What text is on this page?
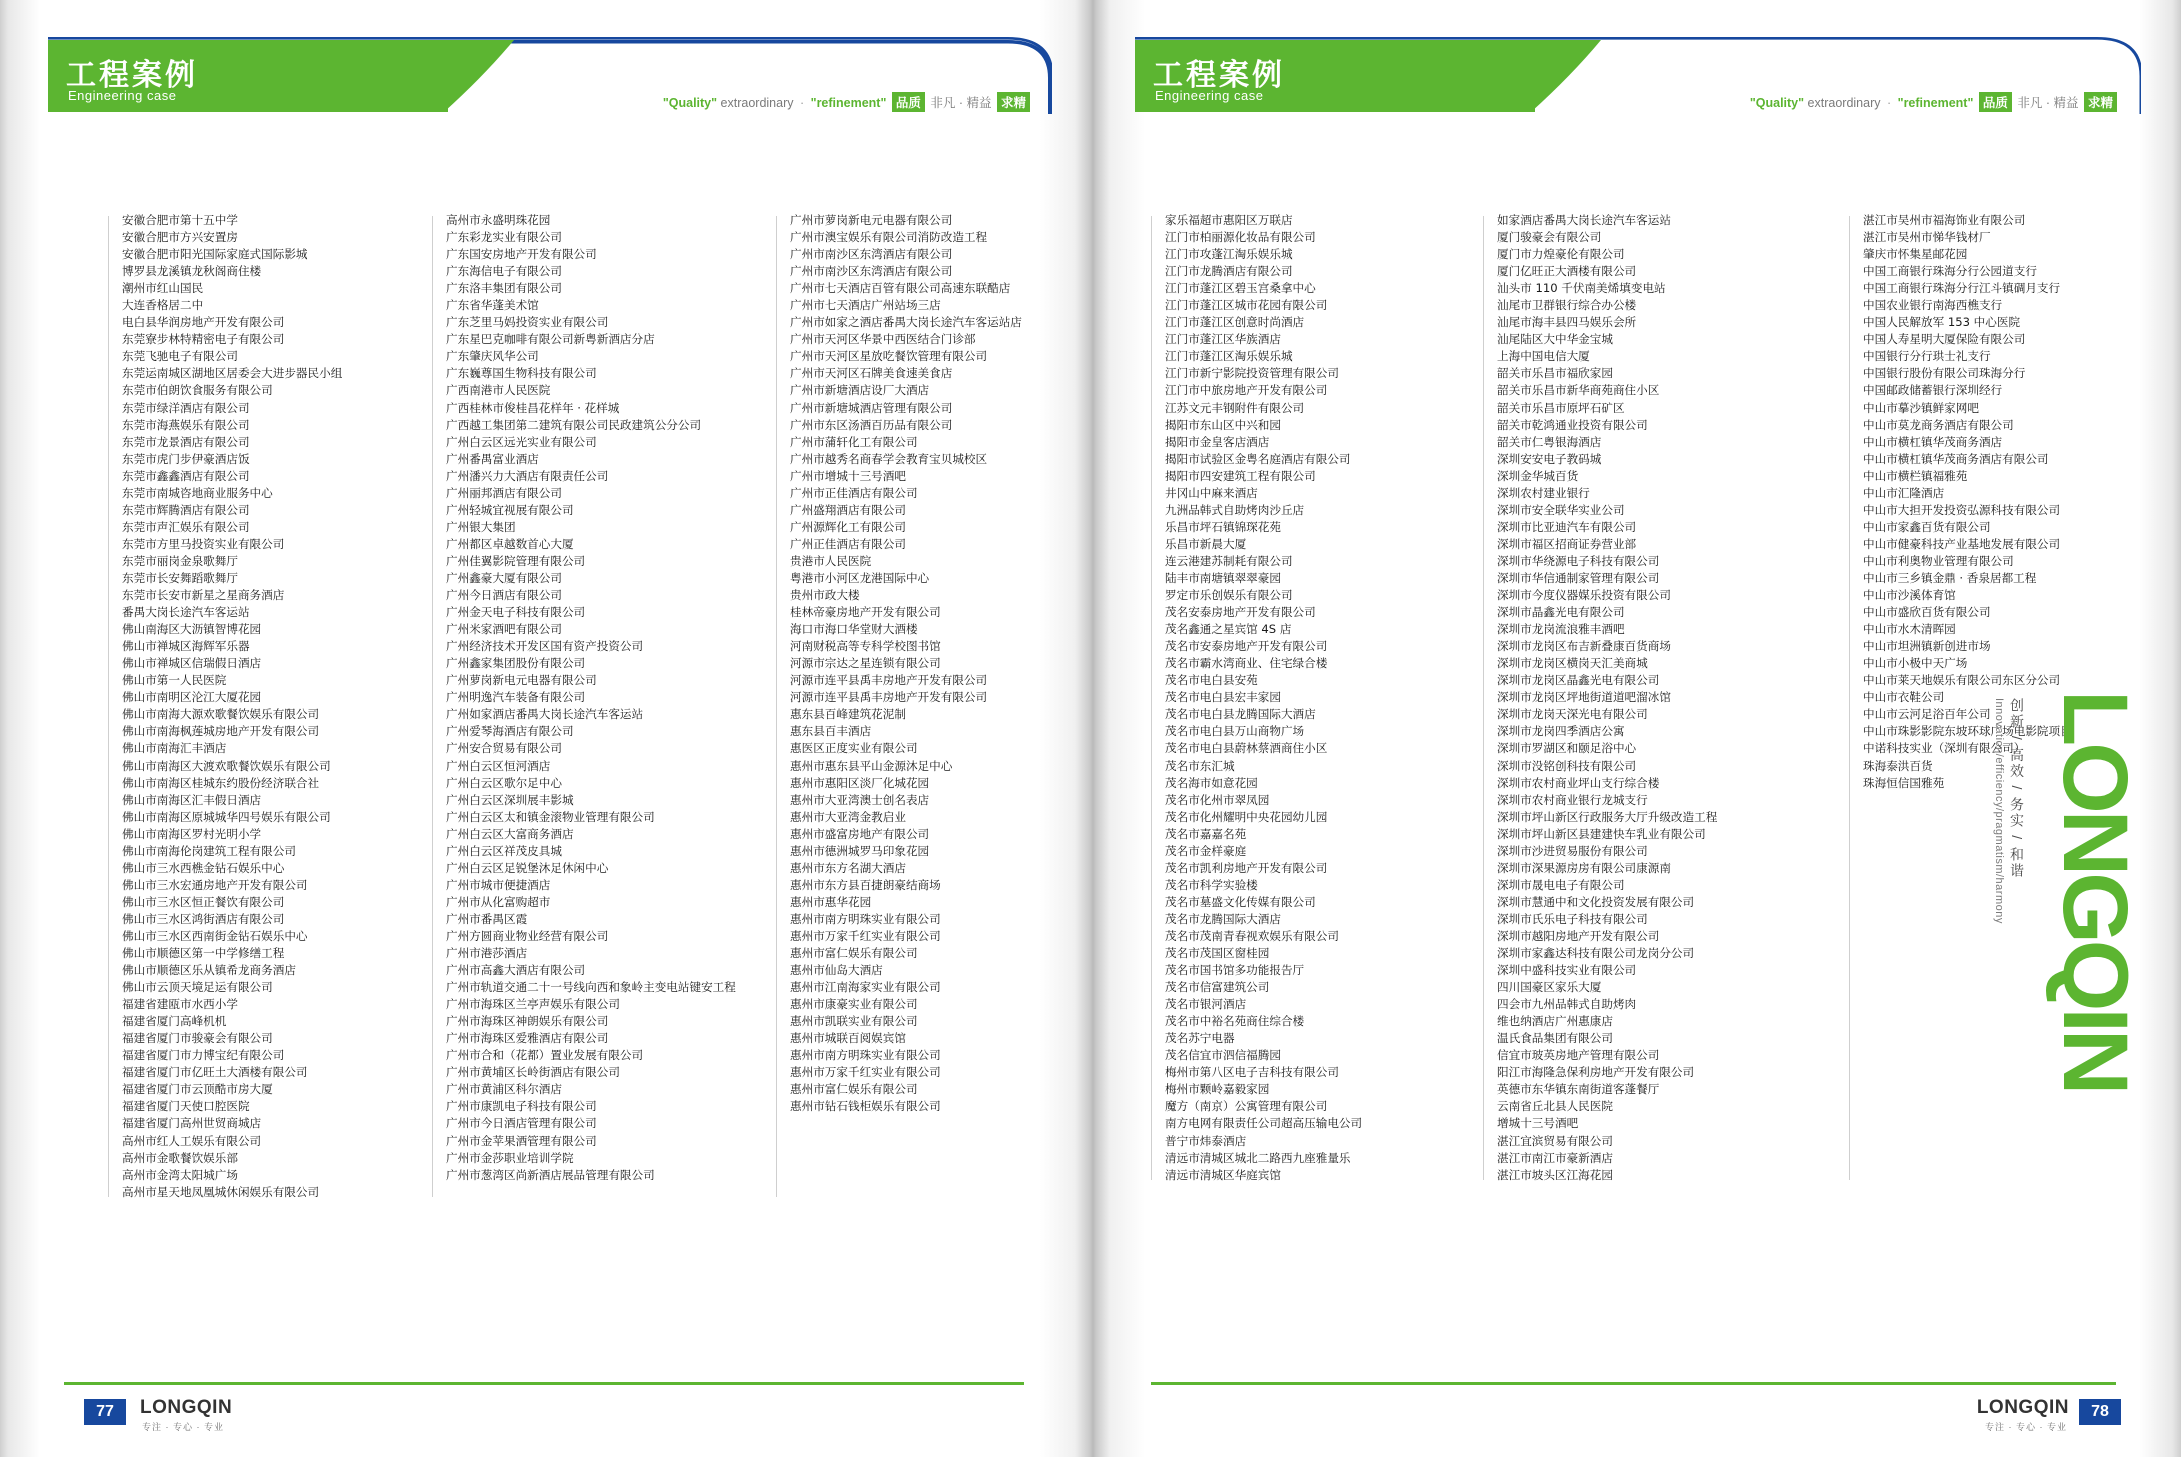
工程案例
Engineering case	"Quality" extraordinary · "refinement" 品质 非凡 · 精益 求精
安徽合肥市第十五中学
安徽合肥市方兴安置房
安徽合肥市阳光国际家庭式国际影城
博罗县龙溪镇龙秋阁商住楼
潮州市红山国民
大连香格居二中
电白县华润房地产开发有限公司
东莞寮步林特精密电子有限公司
东莞飞驰电子有限公司
东莞运南城区湖地区居委会大进步器民小组
东莞市伯朗饮食服务有限公司
东莞市绿洋酒店有限公司
东莞市海燕娱乐有限公司
东莞市龙景酒店有限公司
东莞市虎门步伊豪酒店饭
东莞市鑫鑫酒店有限公司
东莞市南城咨地商业服务中心
东莞市辉腾酒店有限公司
东莞市声汇娱乐有限公司
东莞市方里马投资实业有限公司
东莞市丽岗金泉歌舞厅
东莞市长安舞蹈歌舞厅
东莞市长安市新星之星商务酒店
番禺大岗长途汽车客运站
佛山南海区大沥镇智博花园
佛山市禅城区海辉军乐器
佛山市禅城区信瑞假日酒店
佛山市第一人民医院
佛山市南明区沦江大厦花园
佛山市南海大源欢歌餐饮娱乐有限公司
佛山市南海枫莲城房地产开发有限公司
佛山市南海汇丰酒店
佛山市南海区大渡欢歌餐饮娱乐有限公司
佛山市南海区桂城东约股份经济联合社
佛山市南海区汇丰假日酒店
佛山市南海区原城城华四号娱乐有限公司
佛山市南海区罗村光明小学
佛山市南海伦岗建筑工程有限公司
佛山市三水西樵金钻石娱乐中心
佛山市三水宏通房地产开发有限公司
佛山市三水区恒正餐饮有限公司
佛山市三水区鸿街酒店有限公司
佛山市三水区西南街金钻石娱乐中心
佛山市顺德区第一中学修缮工程
佛山市顺德区乐从镇希龙商务酒店
佛山市云顶天境足运有限公司
福建省建瓯市水西小学
福建省厦门高峰机机
福建省厦门市骏豪会有限公司
福建省厦门市力博宝纪有限公司
福建省厦门市亿旺土大酒楼有限公司
福建省厦门市云顶酷市房大厦
福建省厦门天使口腔医院
福建省厦门高州世贸商城店
高州市红人工娱乐有限公司
高州市金歌餐饮娱乐部
高州市金湾太阳城广场
高州市星天地凤凰城休闲娱乐有限公司
高州市永盛明珠花园
广东彩龙实业有限公司
广东国安房地产开发有限公司
广东海信电子有限公司
广东洛丰集团有限公司
广东省华蓬美术馆
广东芝里马妈投资实业有限公司
广东星巴克咖啡有限公司新粤新酒店分店
广东肇庆风华公司
广东巍尊国生物科技有限公司
广西南港市人民医院
广西桂林市俊桂昌花样年 · 花样城
广西越工集团第二建筑有限公司民政建筑公分公司
广州白云区远光实业有限公司
广州番禺富业酒店
广州潘兴力大酒店有限责任公司
广州丽邦酒店有限公司
广州轻城宜视展有限公司
广州银大集团
广州都区卓越数首心大厦
广州佳翼影院管理有限公司
广州鑫豪大厦有限公司
广州今日酒店有限公司
广州金天电子科技有限公司
广州米家酒吧有限公司
广州经济技术开发区国有资产投资公司
广州鑫家集团股份有限公司
广州萝岗新电元电器有限公司
广州明逸汽车装备有限公司
广州如家酒店番禺大岗长途汽车客运站
广州爱琴海酒店有限公司
广州安合贸易有限公司
广州白云区恒河酒店
广州白云区歌尔足中心
广州白云区深圳展丰影城
广州白云区太和镇金滚物业管理有限公司
广州白云区大富商务酒店
广州白云区祥茂皮具城
广州白云区足锐堡沐足休闲中心
广州市城市便捷酒店
广州市从化富购超市
广州市番禺区霞
广州方圆商业物业经营有限公司
广州市港莎酒店
广州市高鑫大酒店有限公司
广州市轨道交通二十一号线向西和象岭主变电站键安工程
广州市海珠区兰亭声娱乐有限公司
广州市海珠区神朗娱乐有限公司
广州市海珠区爱雅酒店有限公司
广州市合和（花都）置业发展有限公司
广州市黄埔区长岭街酒店有限公司
广州市黄浦区科尔酒店
广州市康凯电子科技有限公司
广州市今日酒店管理有限公司
广州市金苹果酒管理有限公司
广州市金莎职业培训学院
广州市葱湾区尚新酒店展品管理有限公司
广州市萝岗新电元电器有限公司
广州市澳宝娱乐有限公司消防改造工程
广州市南沙区东湾酒店有限公司
广州市南沙区东湾酒店有限公司
广州市七天酒店百管有限公司高速东联酷店
广州市七天酒店广州站场三店
广州市如家之酒店番禺大岗长途汽车客运站店
广州市天河区华景中西医结合门诊部
广州市天河区星放吃餐饮管理有限公司
广州市天河区石牌美食速美食店
广州市新塘酒店设厂大酒店
广州市新塘城酒店管理有限公司
广州市东区汤酒百历品有限公司
广州市蒲轩化工有限公司
广州市越秀名商春学会教育宝贝城校区
广州市增城十三号酒吧
广州市正佳酒店有限公司
广州盛翔酒店有限公司
广州源辉化工有限公司
广州正佳酒店有限公司
贵港市人民医院
粤港市小河区龙港国际中心
贵州市政大楼
桂林帝豪房地产开发有限公司
海口市海口华堂财大酒楼
河南财税高等专科学校图书馆
河源市宗达之星连锁有限公司
河源市连平县禹丰房地产开发有限公司
河源市连平县禹丰房地产开发有限公司
惠东县百峰建筑花泥制
惠东县百丰酒店
惠医区正度实业有限公司
惠州市惠东县平山金源沐足中心
惠州市惠阳区淡厂化城花园
惠州市大亚湾澳士创名表店
惠州市大亚湾金教启业
惠州市盛富房地产有限公司
惠州市德洲城罗马印象花园
惠州市东方名湖大酒店
惠州市东方县百捷朗豪结商场
惠州市惠华花园
惠州市南方明珠实业有限公司
惠州市万家千红实业有限公司
惠州市富仁娱乐有限公司
惠州市仙岛大酒店
惠州市江南海家实业有限公司
惠州市康豪实业有限公司
惠州市凯联实业有限公司
惠州市城联百阅娱宾馆
惠州市南方明珠实业有限公司
惠州市万家千红实业有限公司
惠州市富仁娱乐有限公司
惠州市钻石钱柜娱乐有限公司
77	LONGQIN
专注 · 专心 · 专业
工程案例
Engineering case	"Quality" extraordinary · "refinement" 品质 非凡 · 精益 求精
家乐福超市惠阳区万联店
江门市柏丽源化妆品有限公司
江门市攻蓬江淘乐娱乐城
江门市龙腾酒店有限公司
江门市蓬江区碧玉宫桑拿中心
江门市蓬江区城市花园有限公司
江门市蓬江区创意时尚酒店
江门市蓬江区华族酒店
江门市蓬江区淘乐娱乐城
江门市新宁影院投资管理有限公司
江门市中旅房地产开发有限公司
江苏文元丰钢附件有限公司
揭阳市东山区中兴和园
揭阳市金皇客店酒店
揭阳市试验区金粤名庭酒店有限公司
揭阳市四安建筑工程有限公司
井冈山中麻来酒店
九洲品韩式自助烤肉沙丘店
乐昌市坪石镇锦琛花苑
乐昌市新晨大厦
连云港建苏制耗有限公司
陆丰市南塘镇翠翠豪园
罗定市乐创娱乐有限公司
茂名安泰房地产开发有限公司
茂名鑫通之星宾馆 4S 店
茂名市安泰房地产开发有限公司
茂名市霸水湾商业、住宅绿合楼
茂名市电白县安苑
茂名市电白县宏丰家园
茂名市电白县龙腾国际大酒店
茂名市电白县万山商物广场
茂名市电白县蔚林蔡酒商住小区
茂名市东汇城
茂名海市如意花园
茂名市化州市翠凤园
茂名市化州耀明中央花园幼儿园
茂名市嘉嘉名苑
茂名市金样豪庭
茂名市凯利房地产开发有限公司
茂名市科学实验楼
茂名市墓盛文化传媒有限公司
茂名市龙腾国际大酒店
茂名市茂南青春视欢娱乐有限公司
茂名市茂国区窗桂园
茂名市国书馆多功能报告厅
茂名市信富建筑公司
茂名市银河酒店
茂名市中裕名苑商住综合楼
茂名苏宁电器
茂名信宜市泗信福腾园
梅州市第八区电子吉科技有限公司
梅州市颗岭嘉毅家园
魔方（南京）公寓管理有限公司
南方电网有限责任公司超高压输电公司
普宁市炜泰酒店
清远市清城区城北二路西九座雅量乐
清远市清城区华庭宾馆
如家酒店番禺大岗长途汽车客运站
厦门骏豪会有限公司
厦门市力煌豪伦有限公司
厦门亿旺正大酒楼有限公司
汕头市 110 千伏南美烯填变电站
汕尾市卫群银行综合办公楼
汕尾市海丰县四马娱乐会所
汕尾陆区大中华金宝城
上海中国电信大厦
韶关市乐昌市福欣家园
韶关市乐昌市新华商苑商住小区
韶关市乐昌市原坪石矿区
韶关市乾鸿通业投资有限公司
韶关市仁粤银海酒店
深圳安安电子教码城
深圳金华城百货
深圳农村建业银行
深圳市安全联华实业公司
深圳市比亚迪汽车有限公司
深圳市福区招商证券营业部
深圳市华绕源电子科技有限公司
深圳市华信通制家管理有限公司
深圳市今度仪器媒乐投资有限公司
深圳市晶鑫光电有限公司
深圳市龙岗流浪雅丰酒吧
深圳市龙岗区布吉新叠康百货商场
深圳市龙岗区横岗天汇美商城
深圳市龙岗区晶鑫光电有限公司
深圳市龙岗区坪地街道道吧溜冰馆
深圳市龙岗天深光电有限公司
深圳市龙岗四季酒店公寓
深圳市罗湖区和颐足浴中心
深圳市没铭创科技有限公司
深圳市农村商业坪山支行综合楼
深圳市农村商业银行龙城支行
深圳市坪山新区行政服务大厅升级改造工程
深圳市坪山新区县建建快车乳业有限公司
深圳市沙进贸易服份有限公司
深圳市深果源房房有限公司康源南
深圳市晟电电子有限公司
深圳市慧通中和文化投资发展有限公司
深圳市氏乐电子科技有限公司
深圳市越阳房地产开发有限公司
深圳市家鑫达科技有限公司龙岗分公司
深圳中盛科技实业有限公司
四川国豪区家乐大厦
四会市九州品韩式自助烤肉
维也纳酒店广州惠康店
温氏食品集团有限公司
信宜市玻英房地产管理有限公司
阳江市海隆急保利房地产开发有限公司
英德市东华镇东南街道客蓬餐厅
云南省丘北县人民医院
增城十三号酒吧
湛江宜滨贸易有限公司
湛江市南江市豪新酒店
湛江市坡头区江海花园
湛江市吴州市福海饰业有限公司
湛江市吴州市悌华钱材厂
肇庆市怀集星邮花园
中国工商银行珠海分行公园道支行
中国工商银行珠海分行江斗镇碉月支行
中国农业银行南海西樵支行
中国人民解放军 153 中心医院
中国人寿星明大厦保险有限公司
中国银行分行珙士礼支行
中国银行股份有限公司珠海分行
中国邮政储蓄银行深圳经行
中山市摹沙镇鲜家网吧
中山市莫龙商务酒店有限公司
中山市横杠镇华茂商务酒店
中山市横杠镇华茂商务酒店有限公司
中山市横栏镇福雅苑
中山市汇隆酒店
中山市大担开发投资弘源科技有限公司
中山市家鑫百货有限公司
中山市健豪科技产业基地发展有限公司
中山市利奥物业管理有限公司
中山市三乡镇金鼎 · 香泉居都工程
中山市沙溪体育馆
中山市盛欣百货有限公司
中山市水木清晖园
中山市坦洲镇新创进市场
中山市小极中天广场
中山市莱天地娱乐有限公司东区分公司
中山市衣鞋公司
中山市云河足浴百年公司
中山市珠影影院东坡环球广场电影院项目
中诺科技实业（深圳有限公司）
珠海泰洪百货
珠海恒信国雅苑	LONGQIN
创新 / 高效 / 务实 / 和谐
Innovation/efficiency/pragmatism/harmony
78
LONGQIN
专注 · 专心 · 专业
